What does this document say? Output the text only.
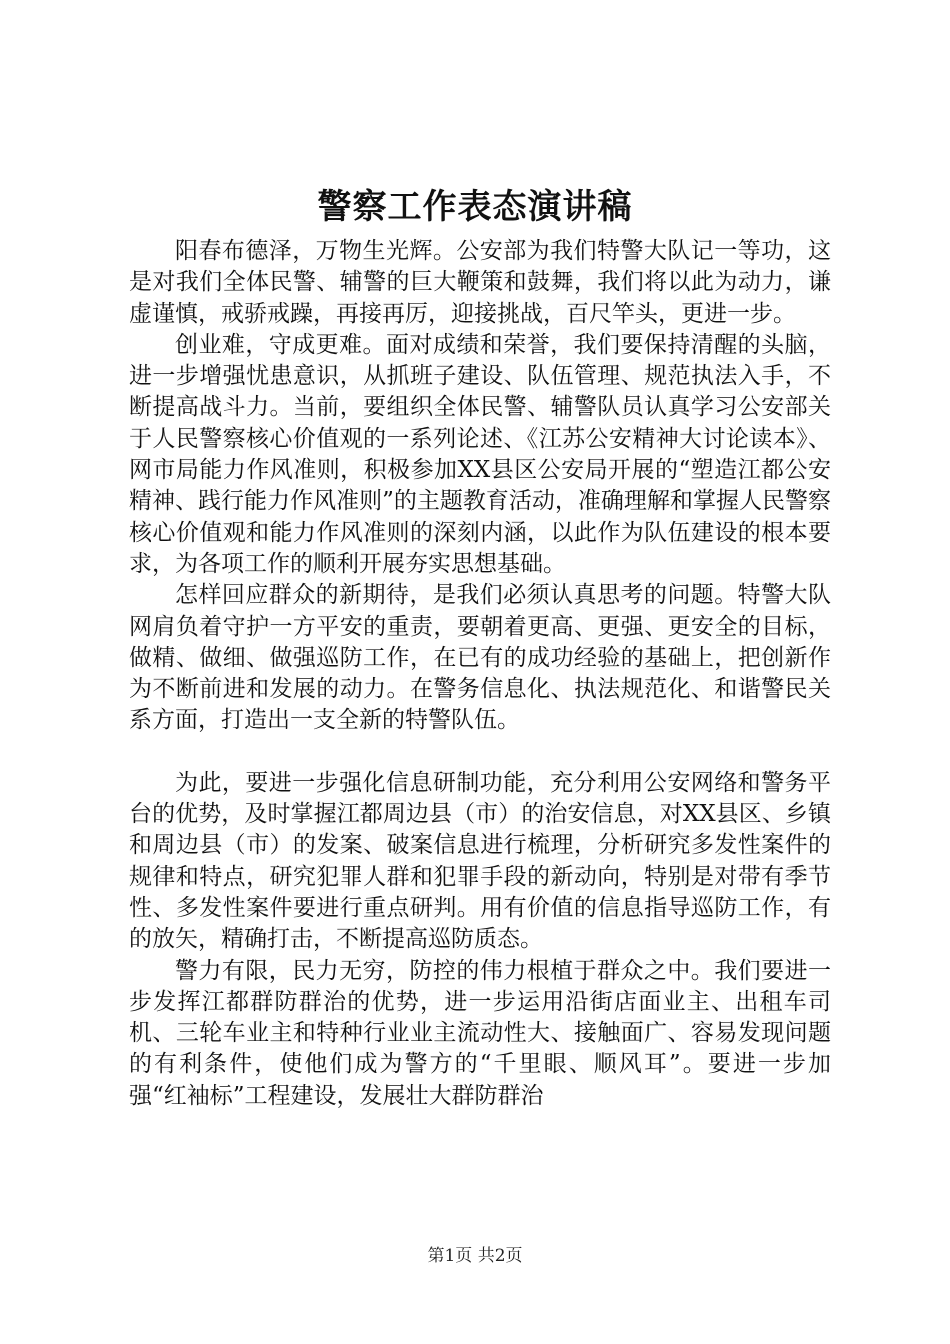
警察工作表态演讲稿

阳春布德泽，万物生光辉。公安部为我们特警大队记一等功，这是对我们全体民警、辅警的巨大鞭策和鼓舞，我们将以此为动力，谦虚谨慎，戒骄戒躁，再接再厉，迎接挑战，百尺竿头，更进一步。

创业难，守成更难。面对成绩和荣誉，我们要保持清醒的头脑，进一步增强忧患意识，从抓班子建设、队伍管理、规范执法入手，不断提高战斗力。当前，要组织全体民警、辅警队员认真学习公安部关于人民警察核心价值观的一系列论述、《江苏公安精神大讨论读本》、网市局能力作风准则，积极参加XX县区公安局开展的“塑造江都公安精神、践行能力作风准则”的主题教育活动，准确理解和掌握人民警察核心价值观和能力作风准则的深刻内涵，以此作为队伍建设的根本要求，为各项工作的顺利开展夯实思想基础。

怎样回应群众的新期待，是我们必须认真思考的问题。特警大队网肩负着守护一方平安的重责，要朝着更高、更强、更安全的目标，做精、做细、做强巡防工作，在已有的成功经验的基础上，把创新作为不断前进和发展的动力。在警务信息化、执法规范化、和谐警民关系方面，打造出一支全新的特警队伍。

为此，要进一步强化信息研制功能，充分利用公安网络和警务平台的优势，及时掌握江都周边县（市）的治安信息，对XX县区、乡镇和周边县（市）的发案、破案信息进行梳理，分析研究多发性案件的规律和特点，研究犯罪人群和犯罪手段的新动向，特别是对带有季节性、多发性案件要进行重点研判。用有价值的信息指导巡防工作，有的放矢，精确打击，不断提高巡防质态。

警力有限，民力无穷，防控的伟力根植于群众之中。我们要进一步发挥江都群防群治的优势，进一步运用沿街店面业主、出租车司机、三轮车业主和特种行业业主流动性大、接触面广、容易发现问题的有利条件，使他们成为警方的“千里眼、顺风耳”。要进一步加强“红袖标”工程建设，发展壮大群防群治

第1页 共2页
